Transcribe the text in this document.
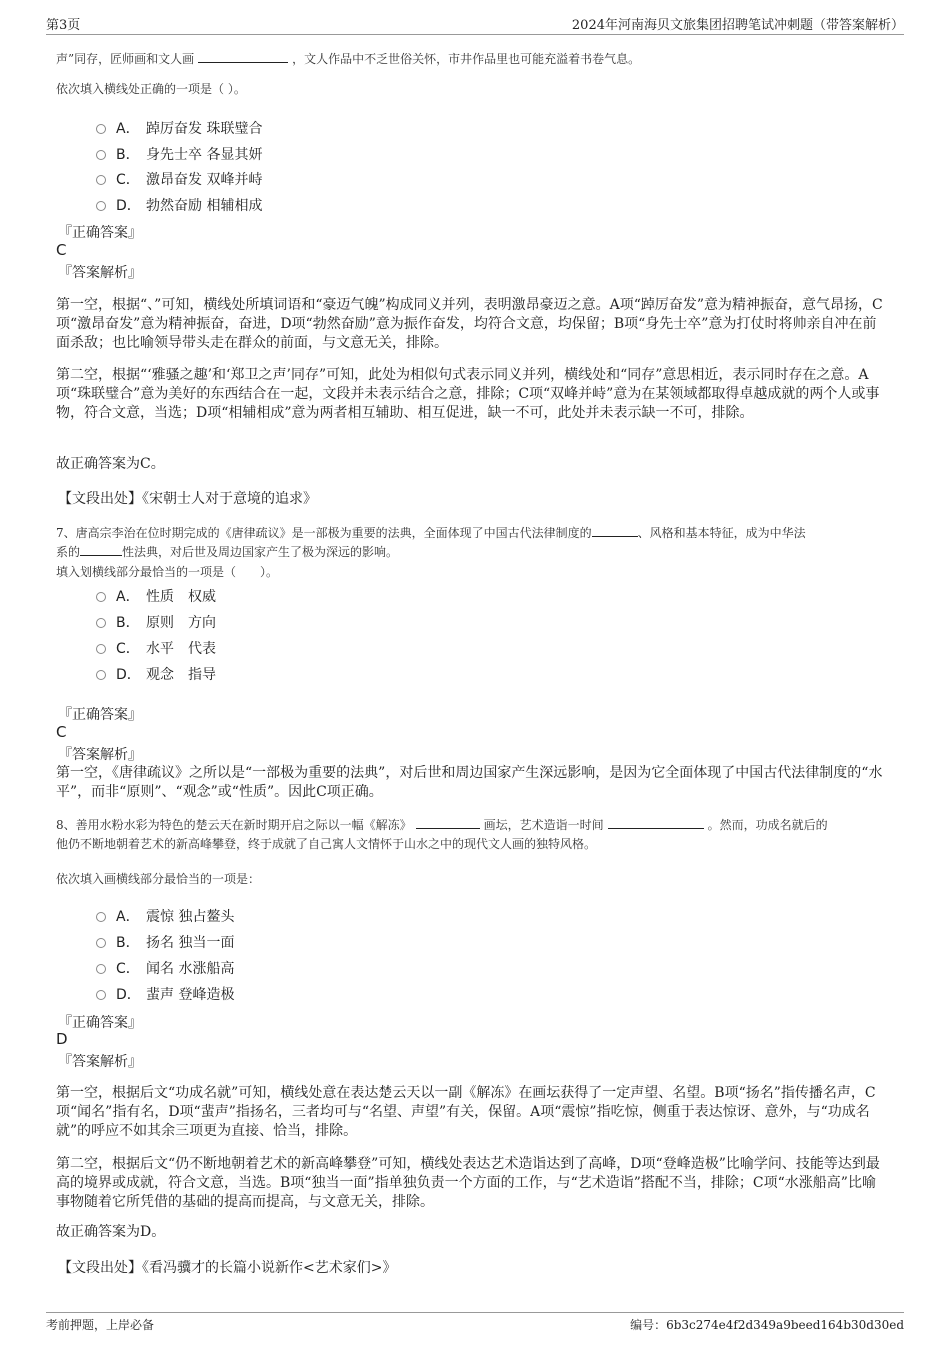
第3页	2024年河南海贝文旅集团招聘笔试冲刺题（带答案解析）
声”同存，匠师画和文人画	，文人作品中不乏世俗关怀，市井作品里也可能充溢着书卷气息。
依次填入横线处正确的一项是（ ）。
A． 踔厉奋发 珠联璧合
B． 身先士卒 各显其妍
C． 激昂奋发 双峰并峙
D． 勃然奋励 相辅相成
『正确答案』
C
『答案解析』
第一空，根据“、”可知，横线处所填词语和“豪迈气魄”构成同义并列，表明激昂豪迈之意。A项“踔厉奋发”意为精神振奋，意气昂扬，C项“激昂奋发”意为精神振奋，奋进，D项“勃然奋励”意为振作奋发，均符合文意，均保留；B项“身先士卒”意为打仗时将帅亲自冲在前面杀敌；也比喻领导带头走在群众的前面，与文意无关，排除。
第二空，根据“‘雅骚之趣’和‘郑卫之声’同存”可知，此处为相似句式表示同义并列，横线处和“同存”意思相近，表示同时存在之意。A项“珠联璧合”意为美好的东西结合在一起，文段并未表示结合之意，排除；C项“双峰并峙”意为在某领域都取得卓越成就的两个人或事物，符合文意，当选；D项“相辅相成”意为两者相互辅助、相互促进，缺一不可，此处并未表示缺一不可，排除。
故正确答案为C。
【文段出处】《宋朝士人对于意境的追求》
7、唐高宗李治在位时期完成的《唐律疏议》是一部极为重要的法典，全面体现了中国古代法律制度的	、风格和基本特征，成为中华法
系的	性法典，对后世及周边国家产生了极为深远的影响。
填入划横线部分最恰当的一项是（　　）。
A． 性质　权威
B． 原则　方向
C． 水平　代表
D． 观念　指导
『正确答案』
C
『答案解析』
第一空，《唐律疏议》之所以是“一部极为重要的法典”，对后世和周边国家产生深远影响，是因为它全面体现了中国古代法律制度的“水平”，而非“原则”、“观念”或“性质”。因此C项正确。
8、善用水粉水彩为特色的楚云天在新时期开启之际以一幅《解冻》	画坛，艺术造诣一时间	。然而，功成名就后的
他仍不断地朝着艺术的新高峰攀登，终于成就了自己寓人文情怀于山水之中的现代文人画的独特风格。
依次填入画横线部分最恰当的一项是：
A． 震惊 独占鳌头
B． 扬名 独当一面
C． 闻名 水涨船高
D． 蜚声 登峰造极
『正确答案』
D
『答案解析』
第一空，根据后文“功成名就”可知，横线处意在表达楚云天以一副《解冻》在画坛获得了一定声望、名望。B项“扬名”指传播名声，C项“闻名”指有名，D项“蜚声”指扬名，三者均可与“名望、声望”有关，保留。A项“震惊”指吃惊，侧重于表达惊讶、意外，与“功成名就”的呼应不如其余三项更为直接、恰当，排除。
第二空，根据后文“仍不断地朝着艺术的新高峰攀登”可知，横线处表达艺术造诣达到了高峰，D项“登峰造极”比喻学问、技能等达到最高的境界或成就，符合文意，当选。B项“独当一面”指单独负责一个方面的工作，与“艺术造诣”搭配不当，排除；C项“水涨船高”比喻事物随着它所凭借的基础的提高而提高，与文意无关，排除。
故正确答案为D。
【文段出处】《看冯骥才的长篇小说新作<艺术家们>》
考前押题，上岸必备	编号：6b3c274e4f2d349a9beed164b30d30ed
